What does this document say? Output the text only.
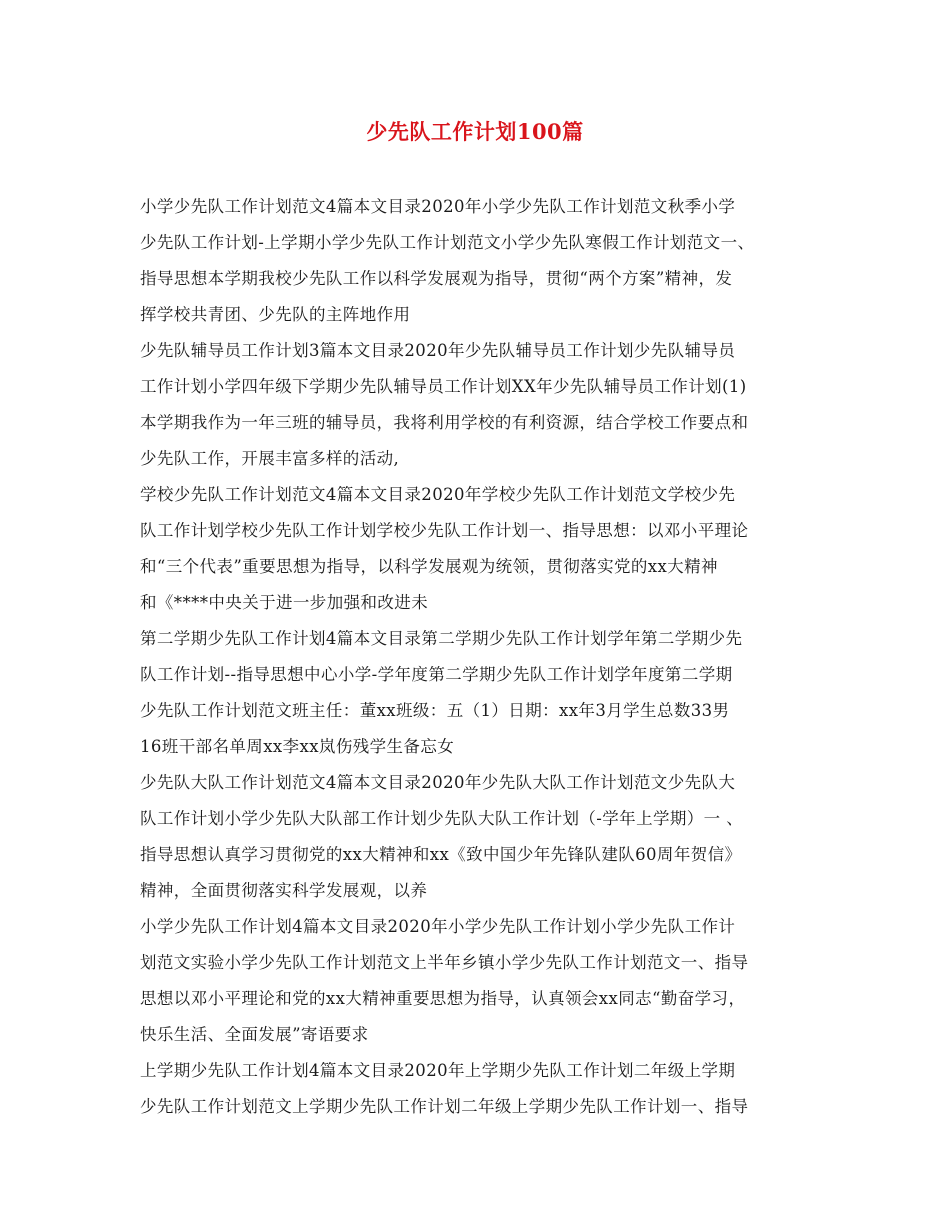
少先队工作计划100篇
小学少先队工作计划范文4篇本文目录2020年小学少先队工作计划范文秋季小学
少先队工作计划-上学期小学少先队工作计划范文小学少先队寒假工作计划范文一、
指导思想本学期我校少先队工作以科学发展观为指导，贯彻“两个方案”精神，发
挥学校共青团、少先队的主阵地作用
少先队辅导员工作计划3篇本文目录2020年少先队辅导员工作计划少先队辅导员
工作计划小学四年级下学期少先队辅导员工作计划XX年少先队辅导员工作计划(1)
本学期我作为一年三班的辅导员，我将利用学校的有利资源，结合学校工作要点和
少先队工作，开展丰富多样的活动,
学校少先队工作计划范文4篇本文目录2020年学校少先队工作计划范文学校少先
队工作计划学校少先队工作计划学校少先队工作计划一、指导思想：以邓小平理论
和“三个代表”重要思想为指导，以科学发展观为统领，贯彻落实党的xx大精神
和《****中央关于进一步加强和改进未
第二学期少先队工作计划4篇本文目录第二学期少先队工作计划学年第二学期少先
队工作计划--指导思想中心小学-学年度第二学期少先队工作计划学年度第二学期
少先队工作计划范文班主任：董xx班级：五（1）日期：xx年3月学生总数33男
16班干部名单周xx李xx岚伤残学生备忘女
少先队大队工作计划范文4篇本文目录2020年少先队大队工作计划范文少先队大
队工作计划小学少先队大队部工作计划少先队大队工作计划（-学年上学期）一 、
指导思想认真学习贯彻党的xx大精神和xx《致中国少年先锋队建队60周年贺信》
精神，全面贯彻落实科学发展观，以养
小学少先队工作计划4篇本文目录2020年小学少先队工作计划小学少先队工作计
划范文实验小学少先队工作计划范文上半年乡镇小学少先队工作计划范文一、指导
思想以邓小平理论和党的xx大精神重要思想为指导，认真领会xx同志“勤奋学习，
快乐生活、全面发展”寄语要求
上学期少先队工作计划4篇本文目录2020年上学期少先队工作计划二年级上学期
少先队工作计划范文上学期少先队工作计划二年级上学期少先队工作计划一、指导
